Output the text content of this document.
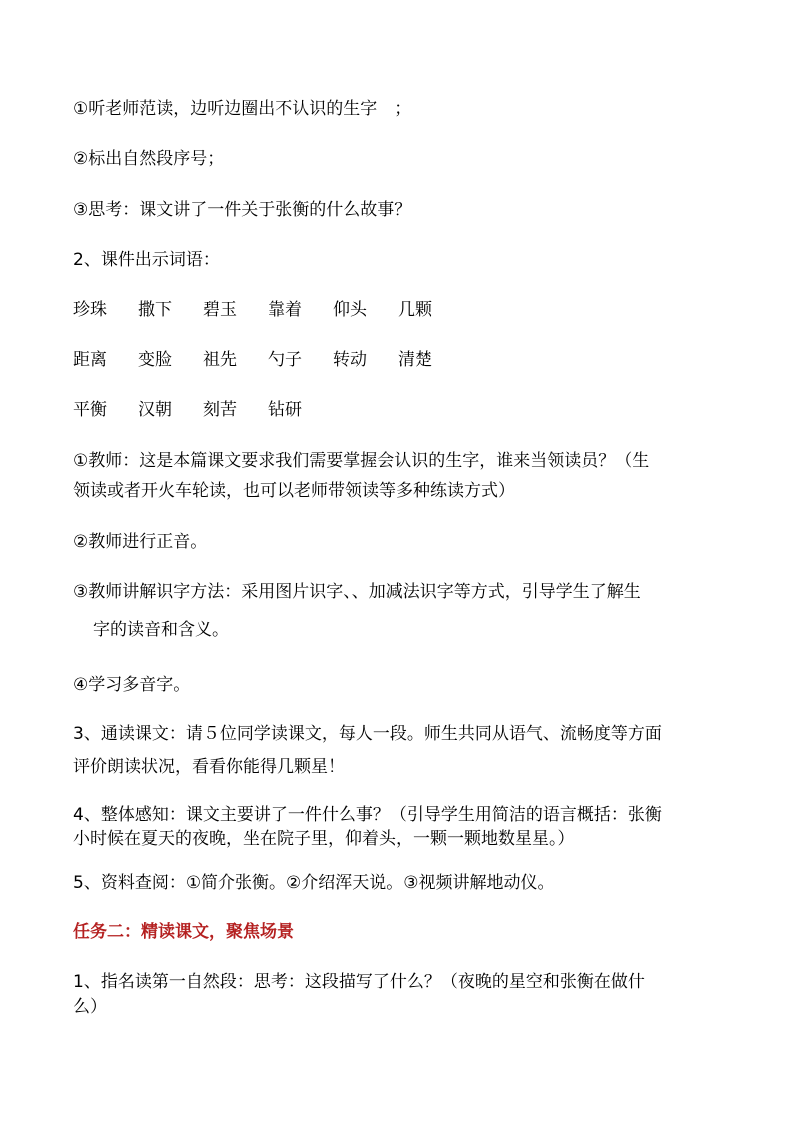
①听老师范读，边听边圈出不认识的生字　；
②标出自然段序号；
③思考：课文讲了一件关于张衡的什么故事？
2、课件出示词语：
珍珠	撒下	碧玉	靠着	仰头	几颗
距离	变脸	祖先	勺子	转动	清楚
平衡	汉朝	刻苦	钻研
①教师：这是本篇课文要求我们需要掌握会认识的生字，谁来当领读员？（生
领读或者开火车轮读，也可以老师带领读等多种练读方式）
②教师进行正音。
③教师讲解识字方法：采用图片识字、、加减法识字等方式，引导学生了解生
字的读音和含义。
④学习多音字。
3、通读课文：请５位同学读课文，每人一段。师生共同从语气、流畅度等方面
评价朗读状况，看看你能得几颗星！
4、整体感知：课文主要讲了一件什么事？（引导学生用简洁的语言概括：张衡
小时候在夏天的夜晚，坐在院子里，仰着头，一颗一颗地数星星。）
5、资料查阅：①简介张衡。②介绍浑天说。③视频讲解地动仪。
任务二：精读课文，聚焦场景
1、指名读第一自然段：思考：这段描写了什么？（夜晚的星空和张衡在做什
么）
